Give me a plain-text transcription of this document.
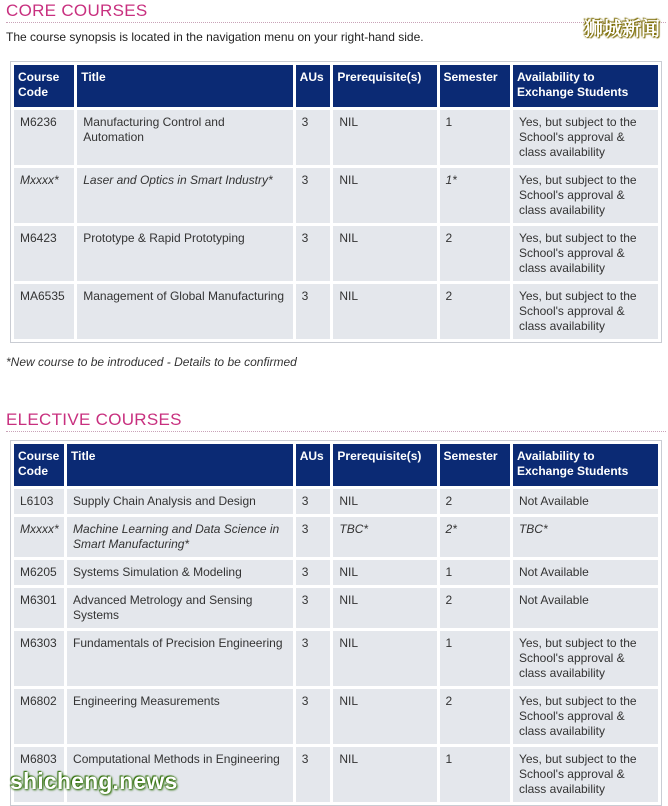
CORE COURSES
狮城新闻
The course synopsis is located in the navigation menu on your right-hand side.
Course Code	Title	AUs	Prerequisite(s)	Semester	Availability to Exchange Students
M6236	Manufacturing Control and Automation	3	NIL	1	Yes, but subject to the School's approval & class availability
Mxxxx*	Laser and Optics in Smart Industry*	3	NIL	1*	Yes, but subject to the School's approval & class availability
M6423	Prototype & Rapid Prototyping	3	NIL	2	Yes, but subject to the School's approval & class availability
MA6535	Management of Global Manufacturing	3	NIL	2	Yes, but subject to the School's approval & class availability
*New course to be introduced - Details to be confirmed
ELECTIVE COURSES
Course Code	Title	AUs	Prerequisite(s)	Semester	Availability to Exchange Students
L6103	Supply Chain Analysis and Design	3	NIL	2	Not Available
Mxxxx*	Machine Learning and Data Science in Smart Manufacturing*	3	TBC*	2*	TBC*
M6205	Systems Simulation & Modeling	3	NIL	1	Not Available
M6301	Advanced Metrology and Sensing Systems	3	NIL	2	Not Available
M6303	Fundamentals of Precision Engineering	3	NIL	1	Yes, but subject to the School's approval & class availability
M6802	Engineering Measurements	3	NIL	2	Yes, but subject to the School's approval & class availability
M6803	Computational Methods in Engineering	3	NIL	1	Yes, but subject to the School's approval & class availability
shicheng.news
